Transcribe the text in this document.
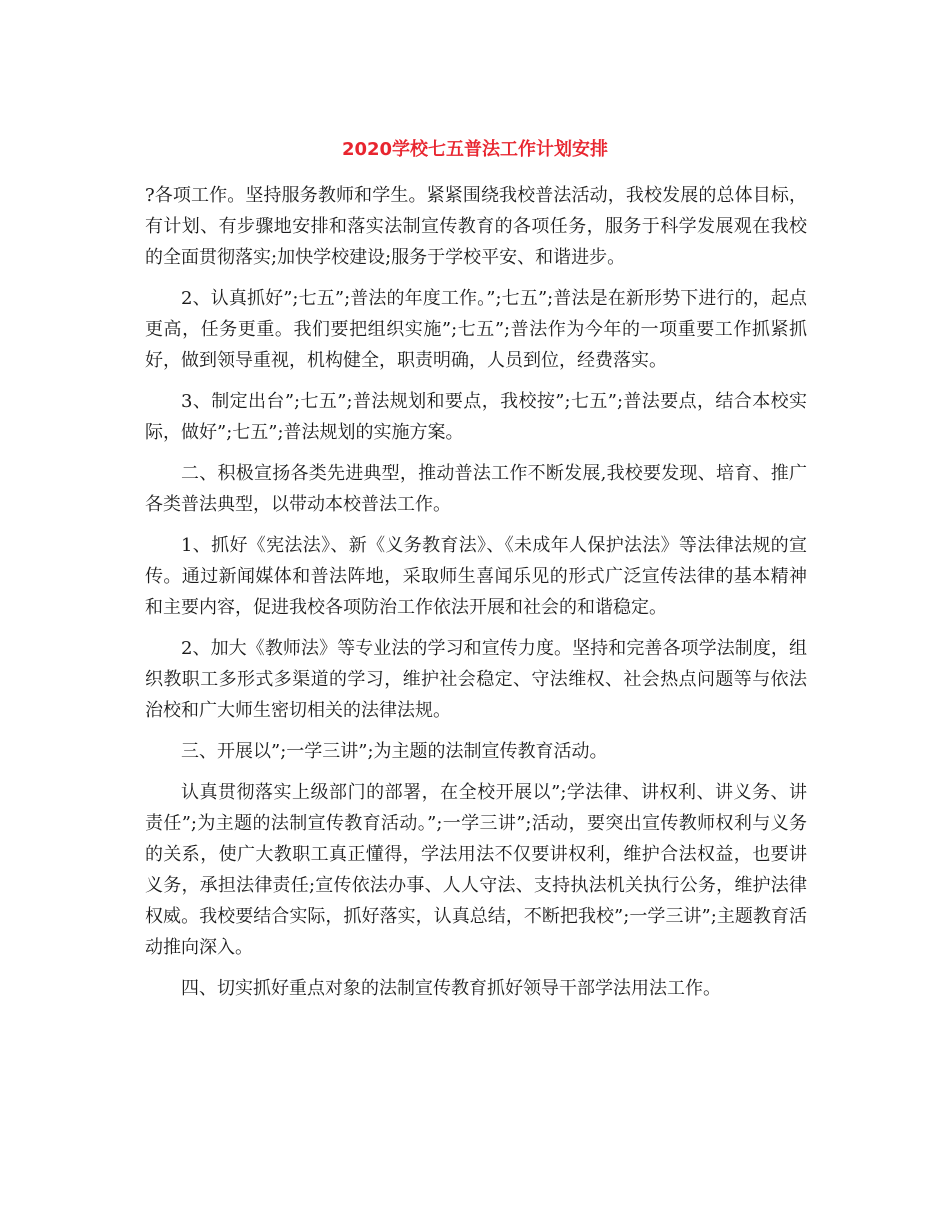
2020学校七五普法工作计划安排

?各项工作。坚持服务教师和学生。紧紧围绕我校普法活动，我校发展的总体目标，有计划、有步骤地安排和落实法制宣传教育的各项任务，服务于科学发展观在我校的全面贯彻落实;加快学校建设;服务于学校平安、和谐进步。

2、认真抓好”;七五”;普法的年度工作。”;七五”;普法是在新形势下进行的，起点更高，任务更重。我们要把组织实施”;七五”;普法作为今年的一项重要工作抓紧抓好，做到领导重视，机构健全，职责明确，人员到位，经费落实。

3、制定出台”;七五”;普法规划和要点，我校按”;七五”;普法要点，结合本校实际，做好”;七五”;普法规划的实施方案。

二、积极宣扬各类先进典型，推动普法工作不断发展,我校要发现、培育、推广各类普法典型，以带动本校普法工作。

1、抓好《宪法法》、新《义务教育法》、《未成年人保护法法》等法律法规的宣传。通过新闻媒体和普法阵地，采取师生喜闻乐见的形式广泛宣传法律的基本精神和主要内容，促进我校各项防治工作依法开展和社会的和谐稳定。

2、加大《教师法》等专业法的学习和宣传力度。坚持和完善各项学法制度，组织教职工多形式多渠道的学习，维护社会稳定、守法维权、社会热点问题等与依法治校和广大师生密切相关的法律法规。

三、开展以”;一学三讲”;为主题的法制宣传教育活动。

认真贯彻落实上级部门的部署，在全校开展以”;学法律、讲权利、讲义务、讲责任”;为主题的法制宣传教育活动。”;一学三讲”;活动，要突出宣传教师权利与义务的关系，使广大教职工真正懂得，学法用法不仅要讲权利，维护合法权益，也要讲义务，承担法律责任;宣传依法办事、人人守法、支持执法机关执行公务，维护法律权威。我校要结合实际，抓好落实，认真总结，不断把我校”;一学三讲”;主题教育活动推向深入。

四、切实抓好重点对象的法制宣传教育抓好领导干部学法用法工作。
